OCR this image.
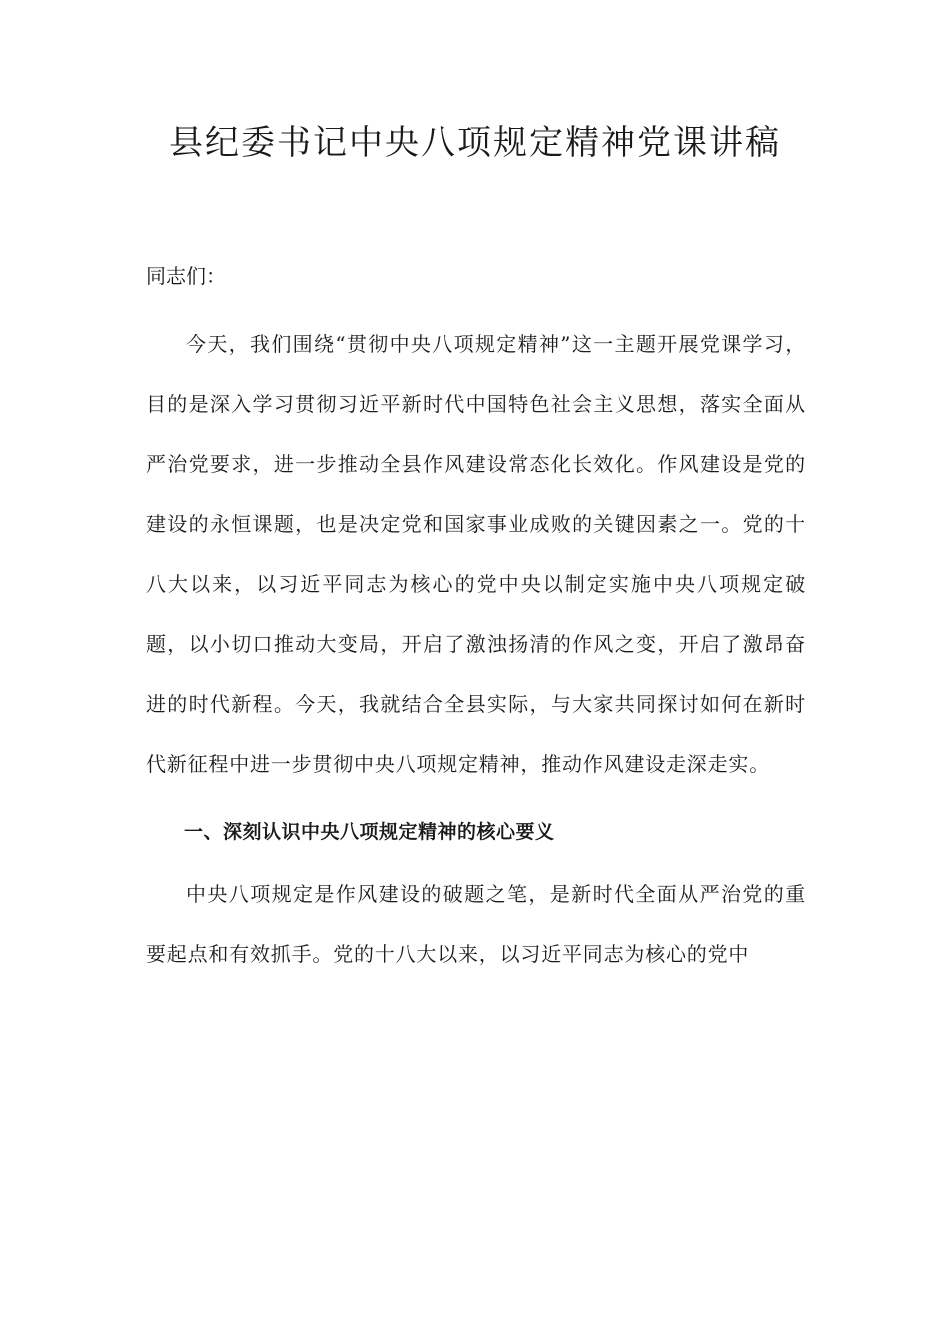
县纪委书记中央八项规定精神党课讲稿

同志们：

今天，我们围绕“贯彻中央八项规定精神”这一主题开展党课学习，目的是深入学习贯彻习近平新时代中国特色社会主义思想，落实全面从严治党要求，进一步推动全县作风建设常态化长效化。作风建设是党的建设的永恒课题，也是决定党和国家事业成败的关键因素之一。党的十八大以来，以习近平同志为核心的党中央以制定实施中央八项规定破题，以小切口推动大变局，开启了激浊扬清的作风之变，开启了激昂奋进的时代新程。今天，我就结合全县实际，与大家共同探讨如何在新时代新征程中进一步贯彻中央八项规定精神，推动作风建设走深走实。

一、深刻认识中央八项规定精神的核心要义

中央八项规定是作风建设的破题之笔，是新时代全面从严治党的重要起点和有效抓手。党的十八大以来，以习近平同志为核心的党中
